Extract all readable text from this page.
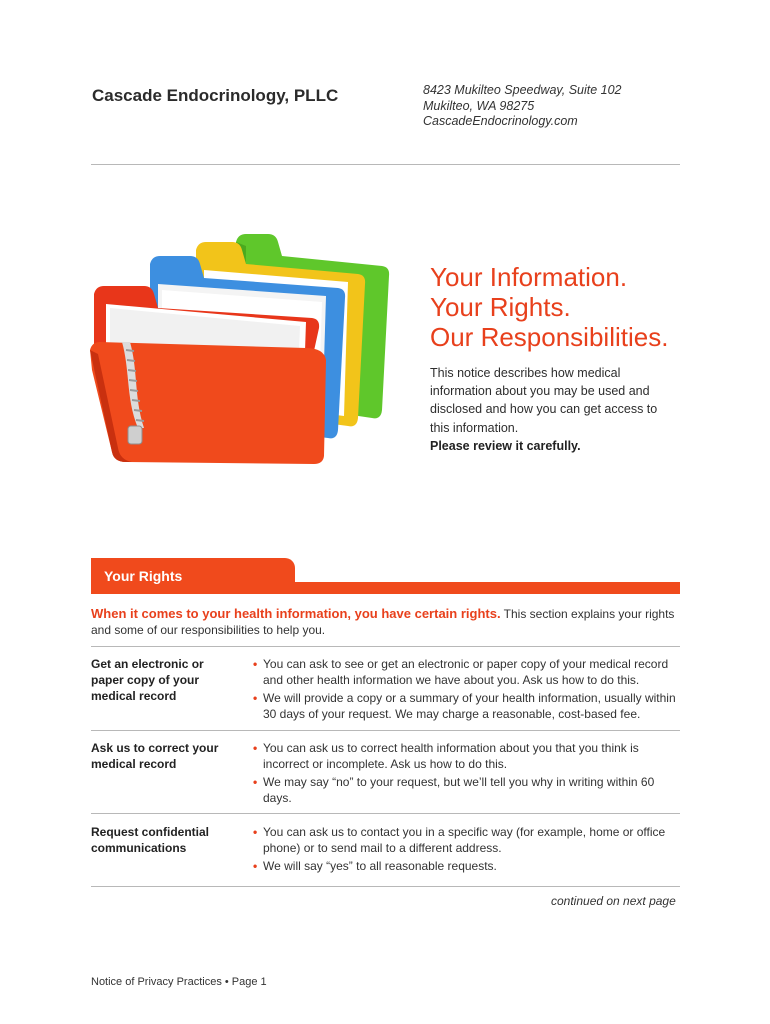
Cascade Endocrinology, PLLC	8423 Mukilteo Speedway, Suite 102
Mukilteo, WA 98275
CascadeEndocrinology.com
Your Information.
Your Rights.
Our Responsibilities.
This notice describes how medical information about you may be used and disclosed and how you can get access to this information.
Please review it carefully.
Your Rights
When it comes to your health information, you have certain rights. This section explains your rights and some of our responsibilities to help you.
Get an electronic or paper copy of your medical record
• You can ask to see or get an electronic or paper copy of your medical record and other health information we have about you. Ask us how to do this.
• We will provide a copy or a summary of your health information, usually within 30 days of your request. We may charge a reasonable, cost-based fee.
Ask us to correct your medical record
• You can ask us to correct health information about you that you think is incorrect or incomplete. Ask us how to do this.
• We may say “no” to your request, but we’ll tell you why in writing within 60 days.
Request confidential communications
• You can ask us to contact you in a specific way (for example, home or office phone) or to send mail to a different address.
• We will say “yes” to all reasonable requests.
continued on next page
Notice of Privacy Practices • Page 1
